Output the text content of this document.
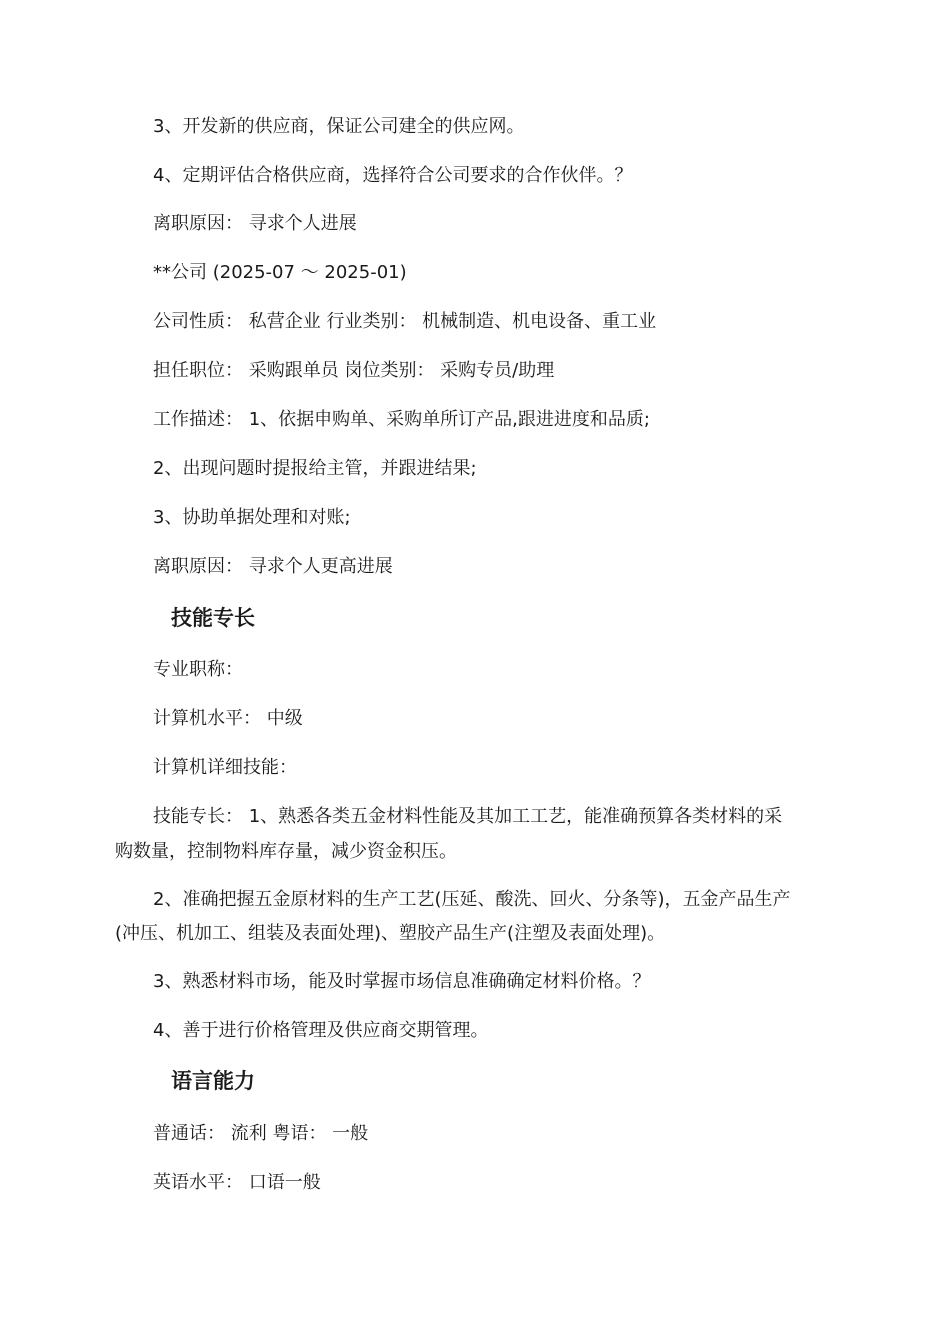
3、开发新的供应商，保证公司建全的供应网。
4、定期评估合格供应商，选择符合公司要求的合作伙伴。？
离职原因： 寻求个人进展
**公司 (2025-07 ～ 2025-01)
公司性质： 私营企业 行业类别： 机械制造、机电设备、重工业
担任职位： 采购跟单员 岗位类别： 采购专员/助理
工作描述： 1、依据申购单、采购单所订产品,跟进进度和品质;
2、出现问题时提报给主管，并跟进结果;
3、协助单据处理和对账;
离职原因： 寻求个人更高进展
技能专长
专业职称：
计算机水平： 中级
计算机详细技能：
技能专长： 1、熟悉各类五金材料性能及其加工工艺，能准确预算各类材料的采
购数量，控制物料库存量，减少资金积压。
2、准确把握五金原材料的生产工艺(压延、酸洗、回火、分条等)，五金产品生产
(冲压、机加工、组装及表面处理)、塑胶产品生产(注塑及表面处理)。
3、熟悉材料市场，能及时掌握市场信息准确确定材料价格。？
4、善于进行价格管理及供应商交期管理。
语言能力
普通话： 流利 粤语： 一般
英语水平： 口语一般
